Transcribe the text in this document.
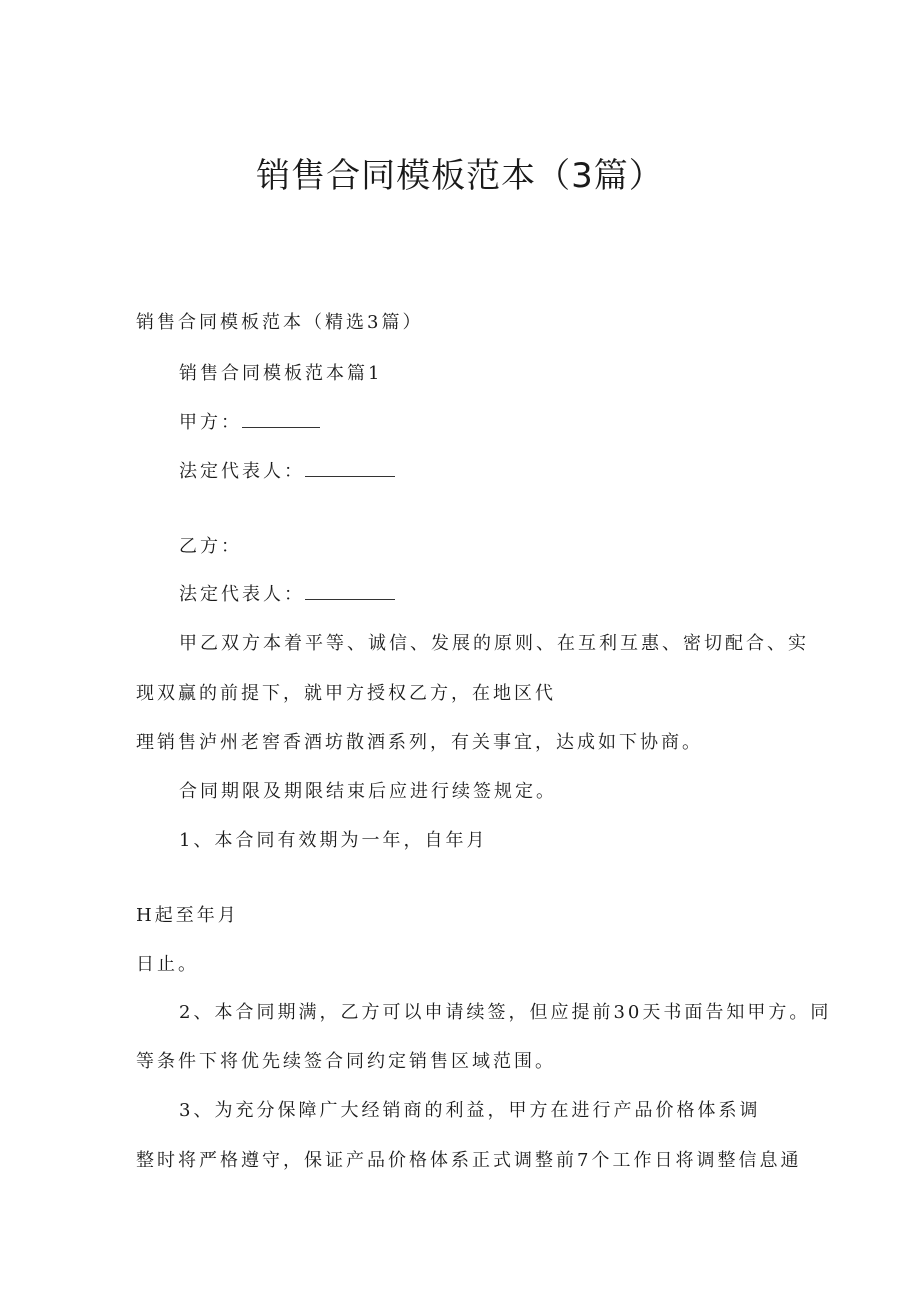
销售合同模板范本（3篇）
销售合同模板范本（精选3篇）
销售合同模板范本篇1
甲方：
法定代表人：
乙方：
法定代表人：
甲乙双方本着平等、诚信、发展的原则、在互利互惠、密切配合、实
现双赢的前提下，就甲方授权乙方，在地区代
理销售泸州老窖香酒坊散酒系列，有关事宜，达成如下协商。
合同期限及期限结束后应进行续签规定。
1、本合同有效期为一年，自年月
H起至年月
日止。
2、本合同期满，乙方可以申请续签，但应提前30天书面告知甲方。同
等条件下将优先续签合同约定销售区域范围。
3、为充分保障广大经销商的利益，甲方在进行产品价格体系调
整时将严格遵守，保证产品价格体系正式调整前7个工作日将调整信息通
